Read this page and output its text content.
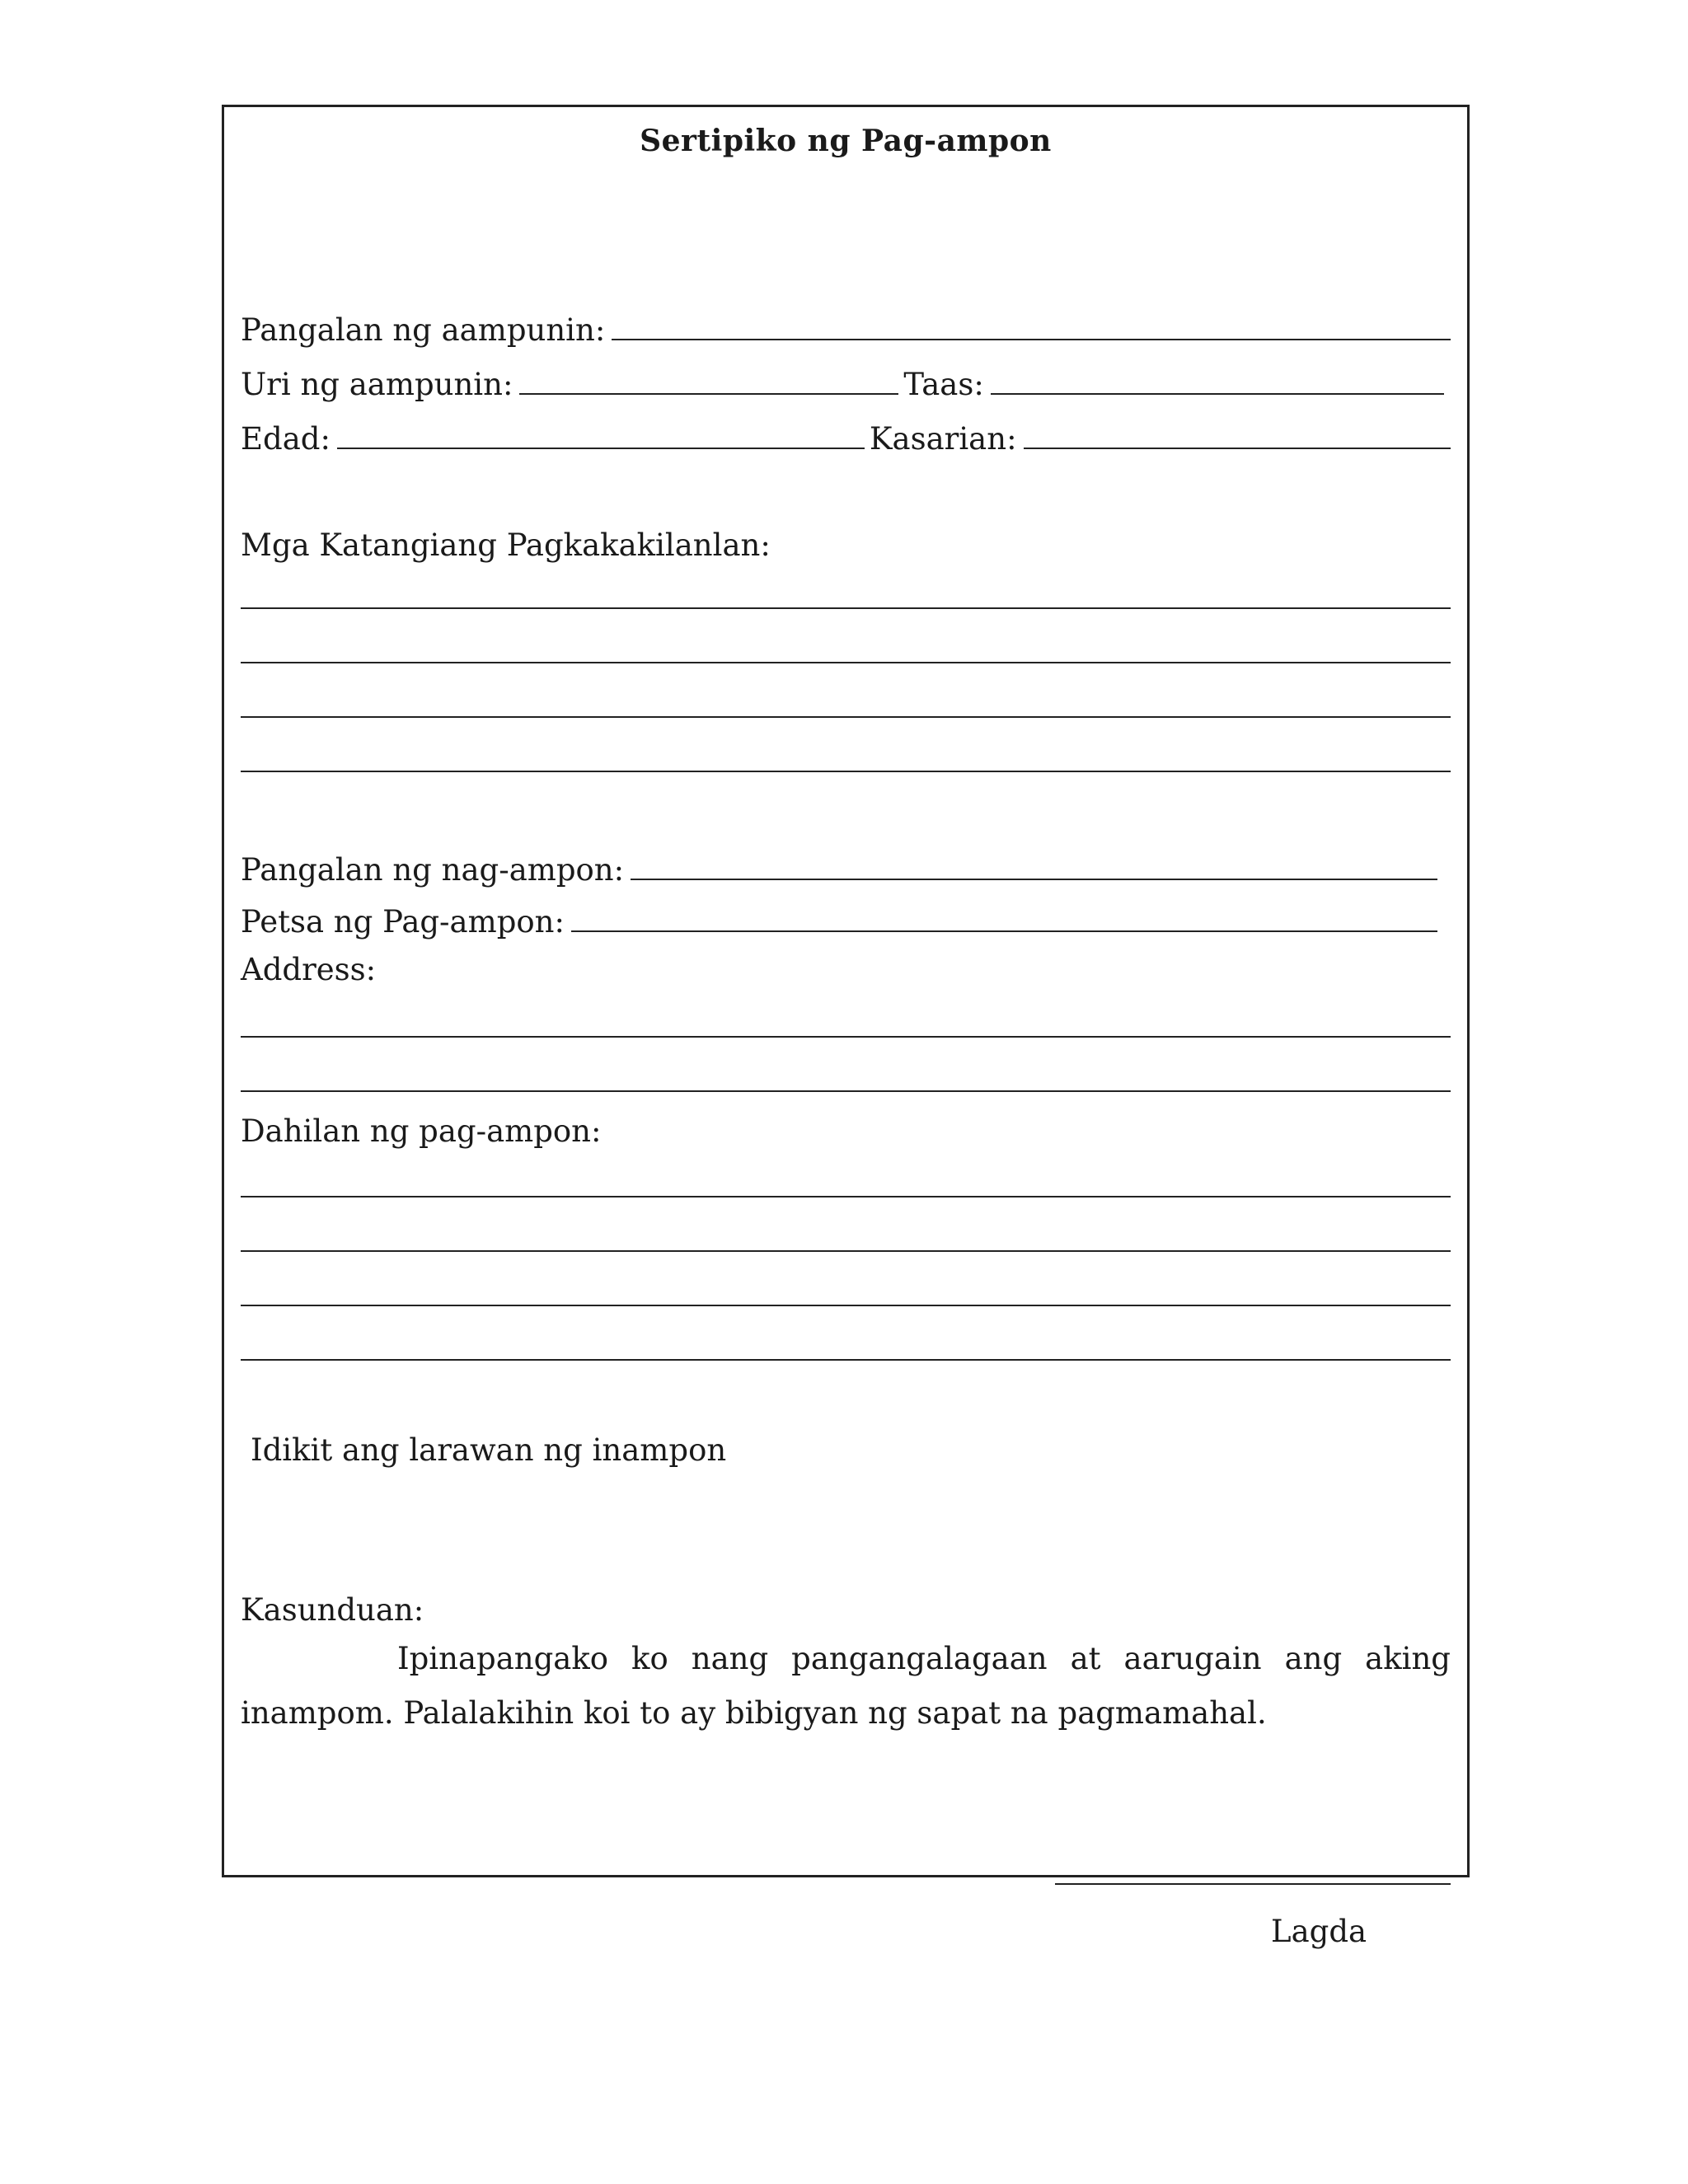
Sertipiko ng Pag-ampon
Pangalan ng aampunin:
Uri ng aampunin:	Taas:
Edad:	Kasarian:
Mga Katangiang Pagkakakilanlan:
Pangalan ng nag-ampon:
Petsa ng Pag-ampon:
Address:
Dahilan ng pag-ampon:
Idikit ang larawan ng inampon
Kasunduan:
Ipinapangako ko nang pangangalagaan at aarugain ang aking inampom. Palalakihin koi to ay bibigyan ng sapat na pagmamahal.
Lagda
